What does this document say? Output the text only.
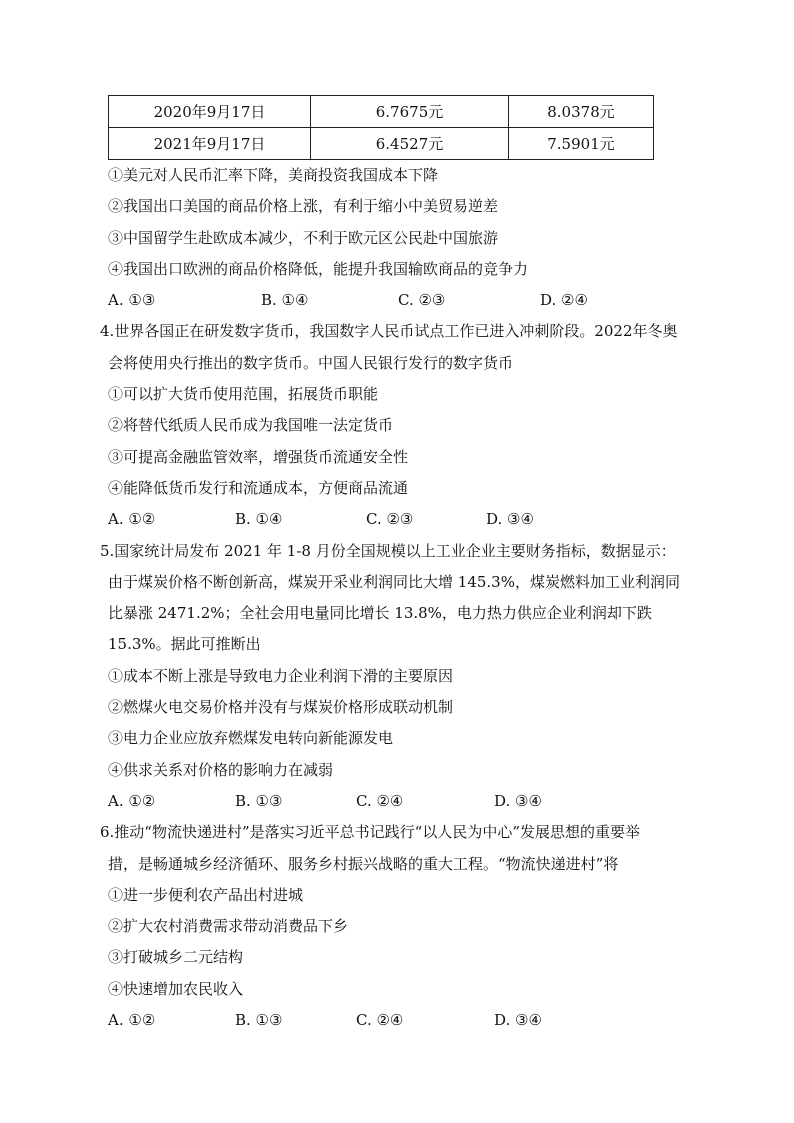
2020年9月17日	6.7675元	8.0378元
2021年9月17日	6.4527元	7.5901元
①美元对人民币汇率下降，美商投资我国成本下降
②我国出口美国的商品价格上涨，有利于缩小中美贸易逆差
③中国留学生赴欧成本减少，不利于欧元区公民赴中国旅游
④我国出口欧洲的商品价格降低，能提升我国输欧商品的竞争力
A. ①③	B. ①④	C. ②③	D. ②④
4.世界各国正在研发数字货币，我国数字人民币试点工作已进入冲刺阶段。2022年冬奥
会将使用央行推出的数字货币。中国人民银行发行的数字货币
①可以扩大货币使用范围，拓展货币职能
②将替代纸质人民币成为我国唯一法定货币
③可提高金融监管效率，增强货币流通安全性
④能降低货币发行和流通成本，方便商品流通
A. ①②	B. ①④	C. ②③	D. ③④
5.国家统计局发布 2021 年 1-8 月份全国规模以上工业企业主要财务指标，数据显示：
由于煤炭价格不断创新高，煤炭开采业利润同比大增 145.3%，煤炭燃料加工业利润同
比暴涨 2471.2%；全社会用电量同比增长 13.8%，电力热力供应企业利润却下跌
15.3%。据此可推断出
①成本不断上涨是导致电力企业利润下滑的主要原因
②燃煤火电交易价格并没有与煤炭价格形成联动机制
③电力企业应放弃燃煤发电转向新能源发电
④供求关系对价格的影响力在减弱
A. ①②	B. ①③	C. ②④	D. ③④
6.推动“物流快递进村”是落实习近平总书记践行“以人民为中心”发展思想的重要举
措，是畅通城乡经济循环、服务乡村振兴战略的重大工程。“物流快递进村”将
①进一步便利农产品出村进城
②扩大农村消费需求带动消费品下乡
③打破城乡二元结构
④快速增加农民收入
A. ①②	B. ①③	C. ②④	D. ③④
